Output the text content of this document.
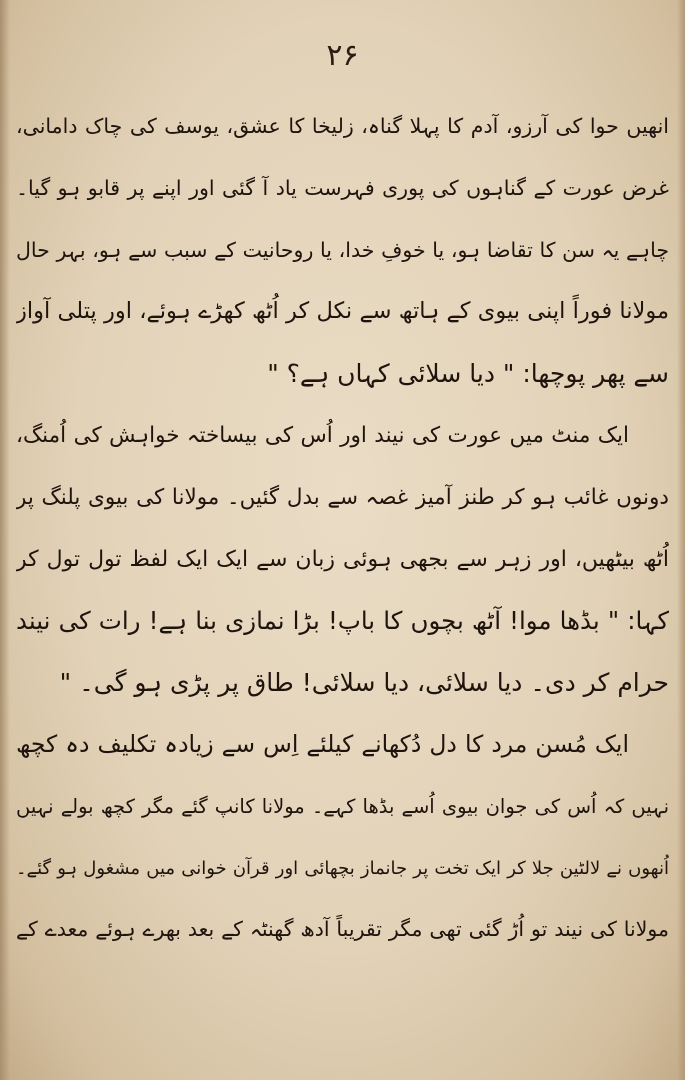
۲۶
انھیں حوا کی آرزو، آدم کا پہلا گناہ، زلیخا کا عشق، یوسف کی چاک دامانی،
غرض عورت کے گناہوں کی پوری فہرست یاد آ گئی اور اپنے پر قابو ہو گیا۔
چاہے یہ سن کا تقاضا ہو، یا خوفِ خدا، یا روحانیت کے سبب سے ہو، بہر حال
مولانا فوراً اپنی بیوی کے ہاتھ سے نکل کر اُٹھ کھڑے ہوئے، اور پتلی آواز
سے پھر پوچھا: " دیا سلائی کہاں ہے؟ "
ایک منٹ میں عورت کی نیند اور اُس کی بیساختہ خواہش کی اُمنگ،
دونوں غائب ہو کر طنز آمیز غصہ سے بدل گئیں۔ مولانا کی بیوی پلنگ پر
اُٹھ بیٹھیں، اور زہر سے بجھی ہوئی زبان سے ایک ایک لفظ تول تول کر
کہا: " بڈھا موا! آٹھ بچوں کا باپ! بڑا نمازی بنا ہے! رات کی نیند
حرام کر دی۔ دیا سلائی، دیا سلائی! طاق پر پڑی ہو گی۔ "
ایک مُسن مرد کا دل دُکھانے کیلئے اِس سے زیادہ تکلیف دہ کچھ
نہیں کہ اُس کی جوان بیوی اُسے بڈھا کہے۔ مولانا کانپ گئے مگر کچھ بولے نہیں
اُنھوں نے لالٹین جلا کر ایک تخت پر جانماز بچھائی اور قرآن خوانی میں مشغول ہو گئے۔
مولانا کی نیند تو اُڑ گئی تھی مگر تقریباً آدھ گھنٹہ کے بعد بھرے ہوئے معدے کے
